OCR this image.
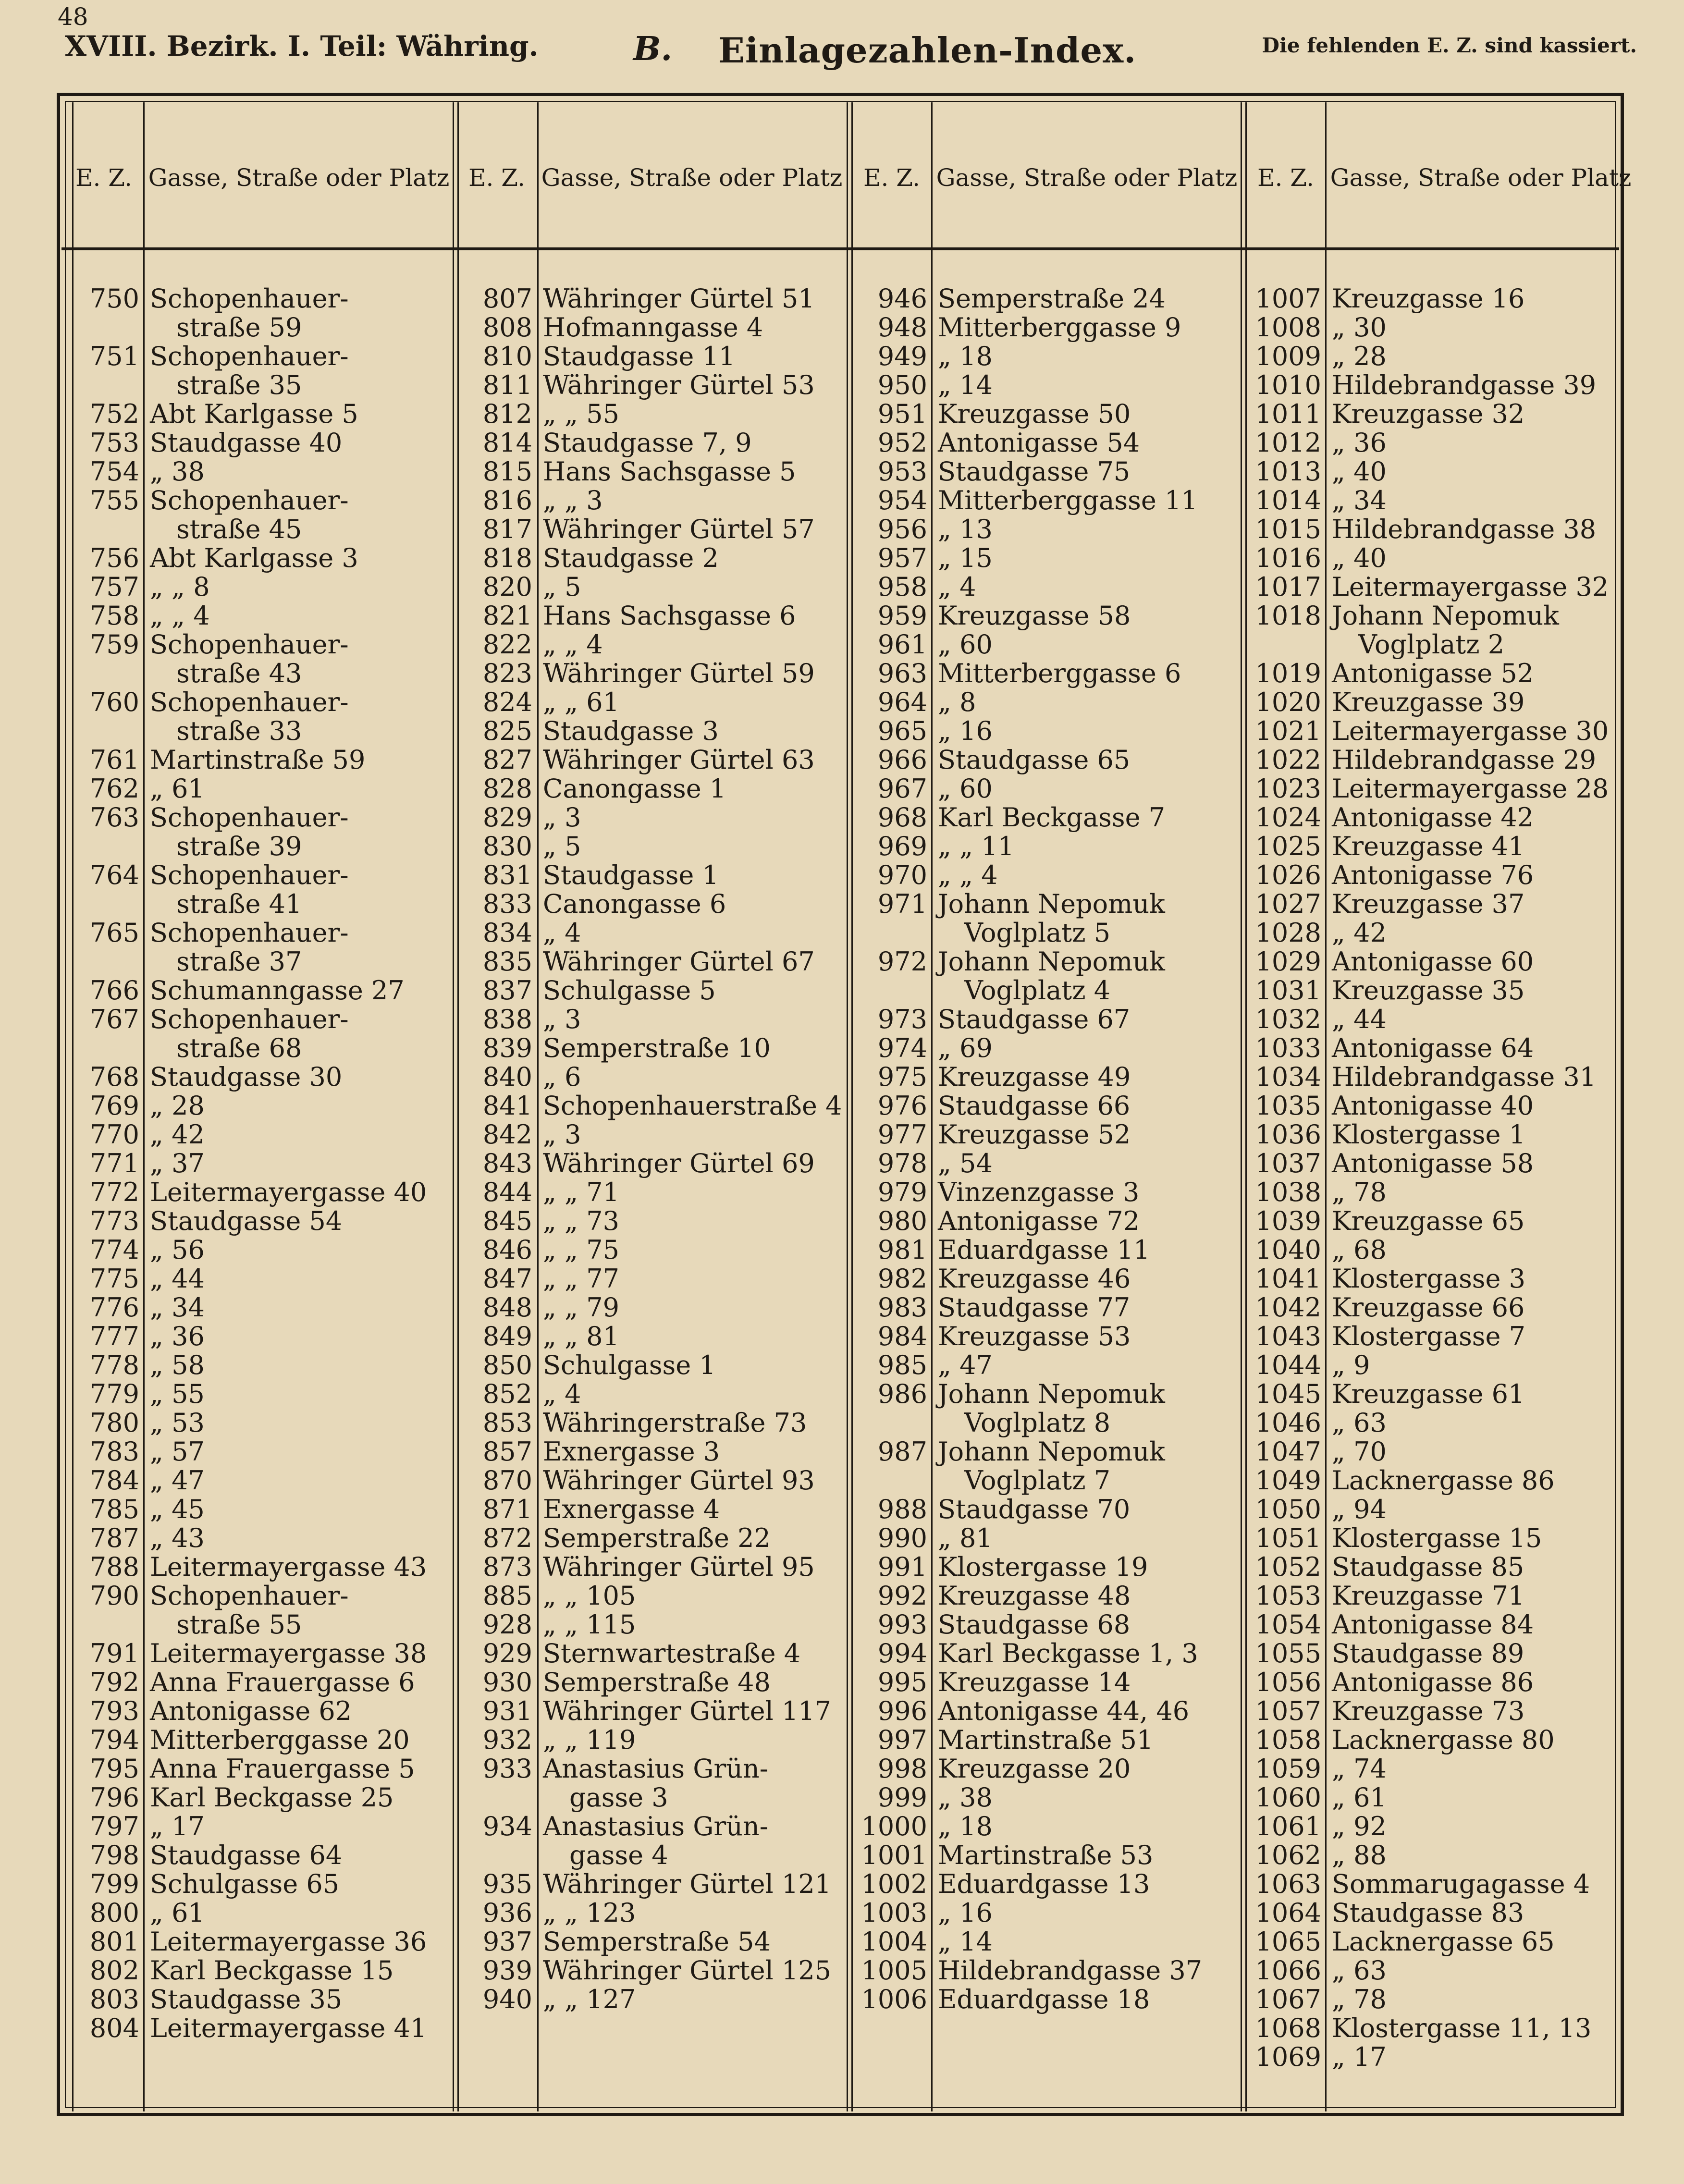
48
XVIII. Bezirk. I. Teil: Währing.	B. Einlagezahlen-Index.	Die fehlenden E. Z. sind kassiert.
E. Z. Gasse, Straße oder Platz
750 Schopenhauer-
straße 59
751 Schopenhauer-
straße 35
752 Abt Karlgasse 5
753 Staudgasse 40
754 „ 38
755 Schopenhauer-
straße 45
756 Abt Karlgasse 3
757 „ „ 8
758 „ „ 4
759 Schopenhauer-
straße 43
760 Schopenhauer-
straße 33
761 Martinstraße 59
762 „ 61
763 Schopenhauer-
straße 39
764 Schopenhauer-
straße 41
765 Schopenhauer-
straße 37
766 Schumanngasse 27
767 Schopenhauer-
straße 68
768 Staudgasse 30
769 „ 28
770 „ 42
771 „ 37
772 Leitermayergasse 40
773 Staudgasse 54
774 „ 56
775 „ 44
776 „ 34
777 „ 36
778 „ 58
779 „ 55
780 „ 53
783 „ 57
784 „ 47
785 „ 45
787 „ 43
788 Leitermayergasse 43
790 Schopenhauer-
straße 55
791 Leitermayergasse 38
792 Anna Frauergasse 6
793 Antonigasse 62
794 Mitterberggasse 20
795 Anna Frauergasse 5
796 Karl Beckgasse 25
797 „ 17
798 Staudgasse 64
799 Schulgasse 65
800 „ 61
801 Leitermayergasse 36
802 Karl Beckgasse 15
803 Staudgasse 35
804 Leitermayergasse 41
E. Z. Gasse, Straße oder Platz
807 Währinger Gürtel 51
808 Hofmanngasse 4
810 Staudgasse 11
811 Währinger Gürtel 53
812 „ „ 55
814 Staudgasse 7, 9
815 Hans Sachsgasse 5
816 „ „ 3
817 Währinger Gürtel 57
818 Staudgasse 2
820 „ 5
821 Hans Sachsgasse 6
822 „ „ 4
823 Währinger Gürtel 59
824 „ „ 61
825 Staudgasse 3
827 Währinger Gürtel 63
828 Canongasse 1
829 „ 3
830 „ 5
831 Staudgasse 1
833 Canongasse 6
834 „ 4
835 Währinger Gürtel 67
837 Schulgasse 5
838 „ 3
839 Semperstraße 10
840 „ 6
841 Schopenhauerstraße 4
842 „ 3
843 Währinger Gürtel 69
844 „ „ 71
845 „ „ 73
846 „ „ 75
847 „ „ 77
848 „ „ 79
849 „ „ 81
850 Schulgasse 1
852 „ 4
853 Währingerstraße 73
857 Exnergasse 3
870 Währinger Gürtel 93
871 Exnergasse 4
872 Semperstraße 22
873 Währinger Gürtel 95
885 „ „ 105
928 „ „ 115
929 Sternwartestraße 4
930 Semperstraße 48
931 Währinger Gürtel 117
932 „ „ 119
933 Anastasius Grün-
gasse 3
934 Anastasius Grün-
gasse 4
935 Währinger Gürtel 121
936 „ „ 123
937 Semperstraße 54
939 Währinger Gürtel 125
940 „ „ 127
E. Z. Gasse, Straße oder Platz
946 Semperstraße 24
948 Mitterberggasse 9
949 „ 18
950 „ 14
951 Kreuzgasse 50
952 Antonigasse 54
953 Staudgasse 75
954 Mitterberggasse 11
956 „ 13
957 „ 15
958 „ 4
959 Kreuzgasse 58
961 „ 60
963 Mitterberggasse 6
964 „ 8
965 „ 16
966 Staudgasse 65
967 „ 60
968 Karl Beckgasse 7
969 „ „ 11
970 „ „ 4
971 Johann Nepomuk
Voglplatz 5
972 Johann Nepomuk
Voglplatz 4
973 Staudgasse 67
974 „ 69
975 Kreuzgasse 49
976 Staudgasse 66
977 Kreuzgasse 52
978 „ 54
979 Vinzenzgasse 3
980 Antonigasse 72
981 Eduardgasse 11
982 Kreuzgasse 46
983 Staudgasse 77
984 Kreuzgasse 53
985 „ 47
986 Johann Nepomuk
Voglplatz 8
987 Johann Nepomuk
Voglplatz 7
988 Staudgasse 70
990 „ 81
991 Klostergasse 19
992 Kreuzgasse 48
993 Staudgasse 68
994 Karl Beckgasse 1, 3
995 Kreuzgasse 14
996 Antonigasse 44, 46
997 Martinstraße 51
998 Kreuzgasse 20
999 „ 38
1000 „ 18
1001 Martinstraße 53
1002 Eduardgasse 13
1003 „ 16
1004 „ 14
1005 Hildebrandgasse 37
1006 Eduardgasse 18
E. Z. Gasse, Straße oder Platz
1007 Kreuzgasse 16
1008 „ 30
1009 „ 28
1010 Hildebrandgasse 39
1011 Kreuzgasse 32
1012 „ 36
1013 „ 40
1014 „ 34
1015 Hildebrandgasse 38
1016 „ 40
1017 Leitermayergasse 32
1018 Johann Nepomuk
Voglplatz 2
1019 Antonigasse 52
1020 Kreuzgasse 39
1021 Leitermayergasse 30
1022 Hildebrandgasse 29
1023 Leitermayergasse 28
1024 Antonigasse 42
1025 Kreuzgasse 41
1026 Antonigasse 76
1027 Kreuzgasse 37
1028 „ 42
1029 Antonigasse 60
1031 Kreuzgasse 35
1032 „ 44
1033 Antonigasse 64
1034 Hildebrandgasse 31
1035 Antonigasse 40
1036 Klostergasse 1
1037 Antonigasse 58
1038 „ 78
1039 Kreuzgasse 65
1040 „ 68
1041 Klostergasse 3
1042 Kreuzgasse 66
1043 Klostergasse 7
1044 „ 9
1045 Kreuzgasse 61
1046 „ 63
1047 „ 70
1049 Lacknergasse 86
1050 „ 94
1051 Klostergasse 15
1052 Staudgasse 85
1053 Kreuzgasse 71
1054 Antonigasse 84
1055 Staudgasse 89
1056 Antonigasse 86
1057 Kreuzgasse 73
1058 Lacknergasse 80
1059 „ 74
1060 „ 61
1061 „ 92
1062 „ 88
1063 Sommarugagasse 4
1064 Staudgasse 83
1065 Lacknergasse 65
1066 „ 63
1067 „ 78
1068 Klostergasse 11, 13
1069 „ 17
